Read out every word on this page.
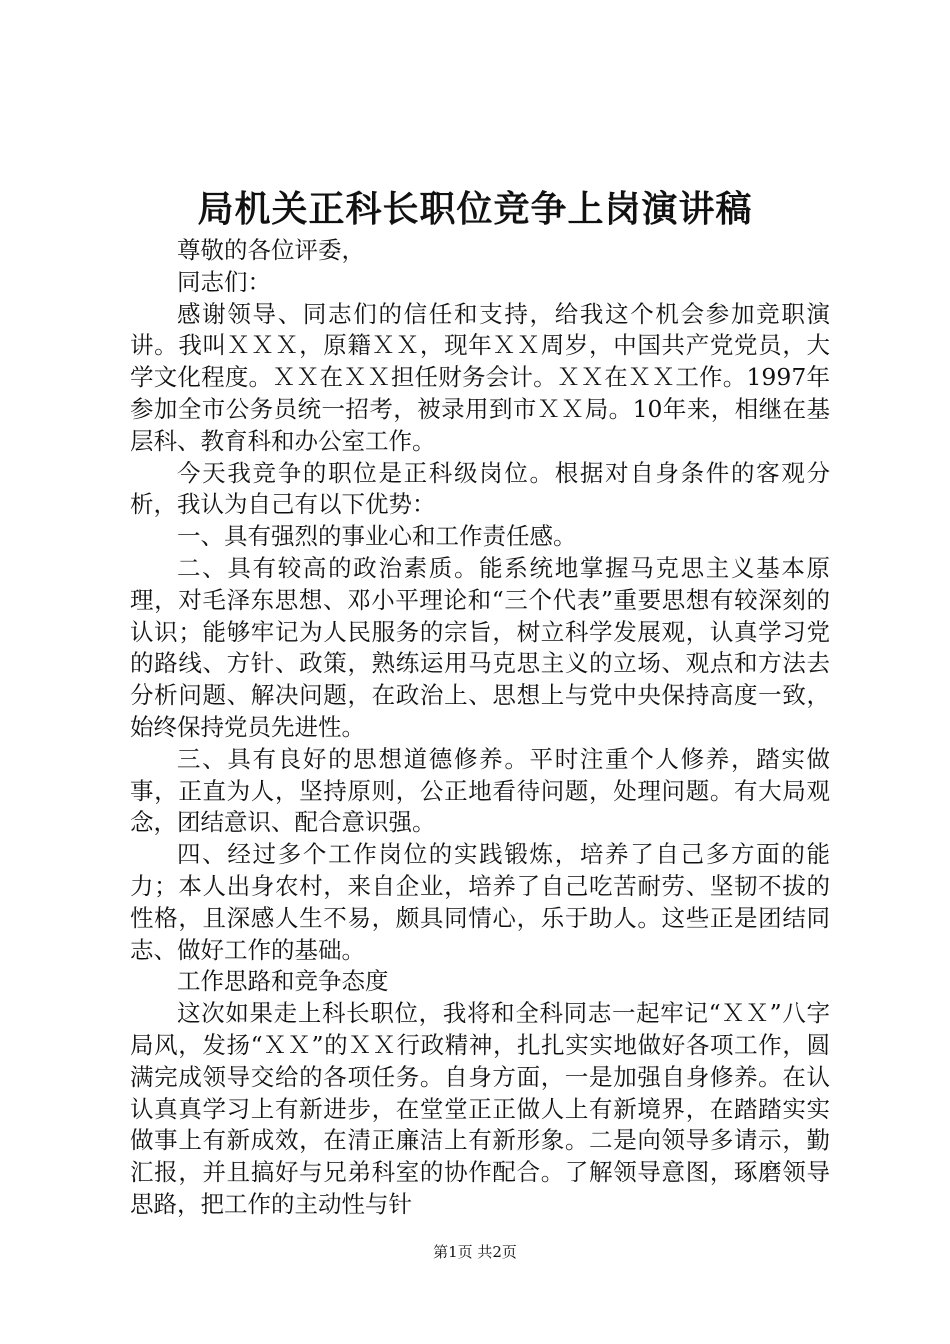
局机关正科长职位竞争上岗演讲稿

尊敬的各位评委，

同志们：

感谢领导、同志们的信任和支持，给我这个机会参加竞职演讲。我叫ＸＸＸ，原籍ＸＸ，现年ＸＸ周岁，中国共产党党员，大学文化程度。ＸＸ在ＸＸ担任财务会计。ＸＸ在ＸＸ工作。1997年参加全市公务员统一招考，被录用到市ＸＸ局。10年来，相继在基层科、教育科和办公室工作。

今天我竞争的职位是正科级岗位。根据对自身条件的客观分析，我认为自己有以下优势：

一、具有强烈的事业心和工作责任感。

二、具有较高的政治素质。能系统地掌握马克思主义基本原理，对毛泽东思想、邓小平理论和“三个代表”重要思想有较深刻的认识；能够牢记为人民服务的宗旨，树立科学发展观，认真学习党的路线、方针、政策，熟练运用马克思主义的立场、观点和方法去分析问题、解决问题，在政治上、思想上与党中央保持高度一致，始终保持党员先进性。

三、具有良好的思想道德修养。平时注重个人修养，踏实做事，正直为人，坚持原则，公正地看待问题，处理问题。有大局观念，团结意识、配合意识强。

四、经过多个工作岗位的实践锻炼，培养了自己多方面的能力；本人出身农村，来自企业，培养了自己吃苦耐劳、坚韧不拔的性格，且深感人生不易，颇具同情心，乐于助人。这些正是团结同志、做好工作的基础。

工作思路和竞争态度

这次如果走上科长职位，我将和全科同志一起牢记“ＸＸ”八字局风，发扬“ＸＸ”的ＸＸ行政精神，扎扎实实地做好各项工作，圆满完成领导交给的各项任务。自身方面，一是加强自身修养。在认认真真学习上有新进步，在堂堂正正做人上有新境界，在踏踏实实做事上有新成效，在清正廉洁上有新形象。二是向领导多请示，勤汇报，并且搞好与兄弟科室的协作配合。了解领导意图，琢磨领导思路，把工作的主动性与针

第1页 共2页
